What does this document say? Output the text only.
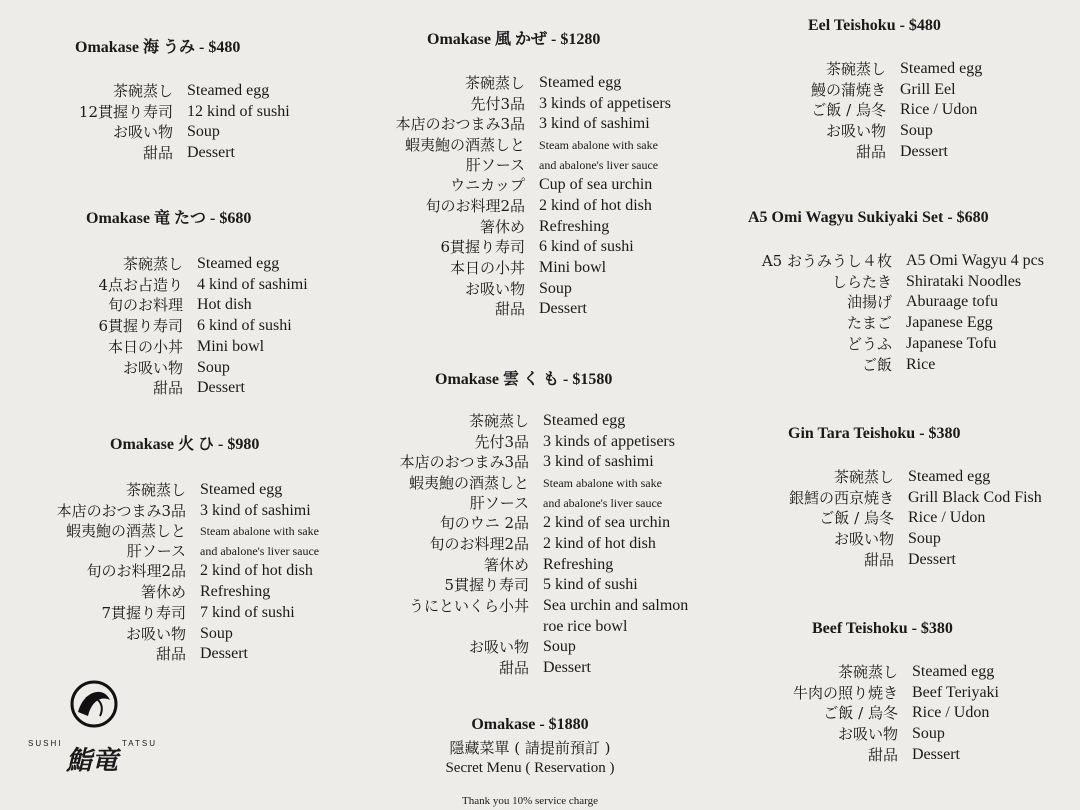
Omakase 海 うみ - $480
茶碗蒸し Steamed egg
12貫握り寿司 12 kind of sushi
お吸い物 Soup
甜品 Dessert
Omakase 竜 たつ - $680
茶碗蒸し Steamed egg
4点お占造り 4 kind of sashimi
旬のお料理 Hot dish
6貫握り寿司 6 kind of sushi
本日の小丼 Mini bowl
お吸い物 Soup
甜品 Dessert
Omakase 火 ひ - $980
茶碗蒸し Steamed egg
本店のおつまみ3品 3 kind of sashimi
蝦夷鮑の酒蒸しと	Steam abalone with sake
肝ソース	and abalone's liver sauce
旬のお料理2品 2 kind of hot dish
箸休め Refreshing
7貫握り寿司 7 kind of sushi
お吸い物 Soup
甜品 Dessert
Omakase 風 かぜ - $1280
茶碗蒸し Steamed egg
先付3品 3 kinds of appetisers
本店のおつまみ3品 3 kind of sashimi
蝦夷鮑の酒蒸しと	Steam abalone with sake
肝ソース	and abalone's liver sauce
ウニカップ Cup of sea urchin
旬のお料理2品 2 kind of hot dish
箸休め Refreshing
6貫握り寿司 6 kind of sushi
本日の小丼 Mini bowl
お吸い物 Soup
甜品 Dessert
Omakase 雲 く も - $1580
茶碗蒸し Steamed egg
先付3品 3 kinds of appetisers
本店のおつまみ3品 3 kind of sashimi
蝦夷鮑の酒蒸しと	Steam abalone with sake
肝ソース	and abalone's liver sauce
旬のウニ 2品 2 kind of sea urchin
旬のお料理2品 2 kind of hot dish
箸休め Refreshing
5貫握り寿司 5 kind of sushi
うにといくら小丼 Sea urchin and salmon
roe rice bowl
お吸い物 Soup
甜品 Dessert
Omakase - $1880
隱藏菜單 ( 請提前預訂 )
Secret Menu ( Reservation )
Eel Teishoku - $480
茶碗蒸し Steamed egg
鰻の蒲焼き Grill Eel
ご飯 / 烏冬 Rice / Udon
お吸い物 Soup
甜品 Dessert
A5 Omi Wagyu Sukiyaki Set - $680
A5 おうみうし４枚 A5 Omi Wagyu 4 pcs
しらたき Shirataki Noodles
油揚げ Aburaage tofu
たまご Japanese Egg
どうふ Japanese Tofu
ご飯 Rice
Gin Tara Teishoku - $380
茶碗蒸し Steamed egg
銀鱈の西京焼き Grill Black Cod Fish
ご飯 / 烏冬 Rice / Udon
お吸い物 Soup
甜品 Dessert
Beef Teishoku - $380
茶碗蒸し Steamed egg
牛肉の照り焼き Beef Teriyaki
ご飯 / 烏冬 Rice / Udon
お吸い物 Soup
甜品 Dessert
SUSHI	TATSU
鮨竜
Thank you 10% service charge
